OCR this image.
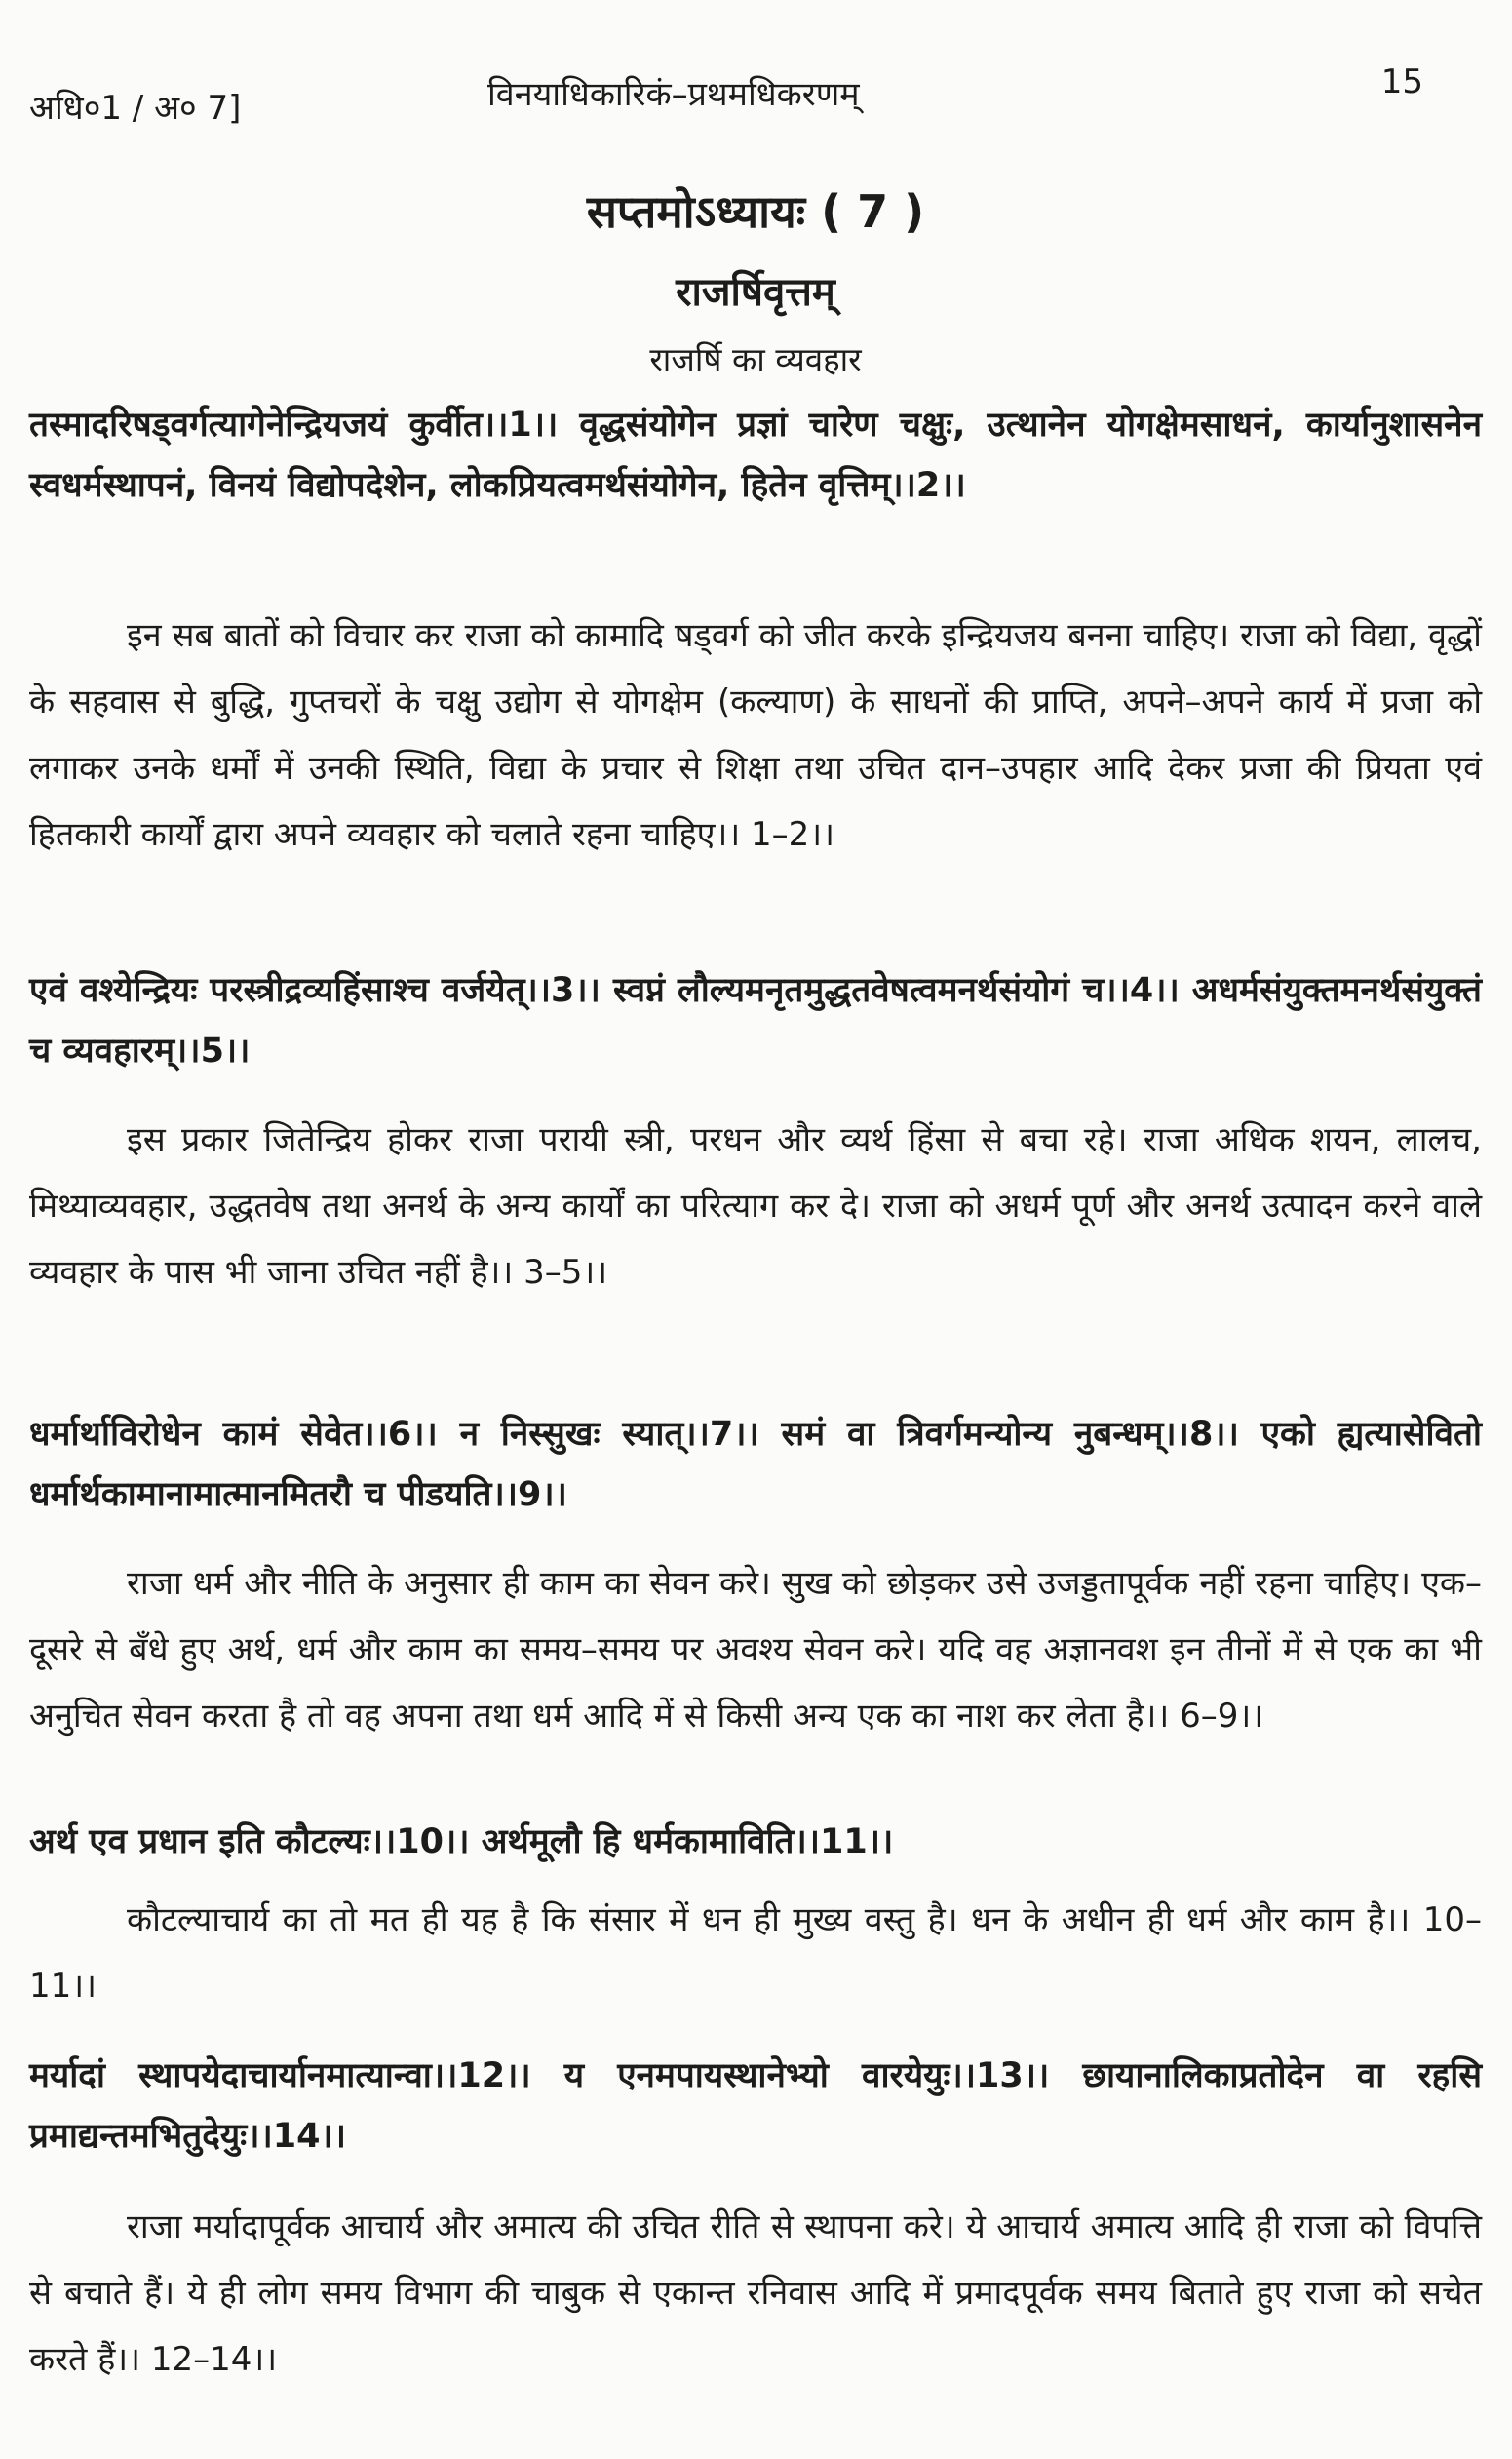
अधि०1 / अ० 7]	विनयाधिकारिकं–प्रथमधिकरणम्	15
सप्तमोऽध्यायः ( 7 )
राजर्षिवृत्तम्
राजर्षि का व्यवहार
तस्मादरिषड्वर्गत्यागेनेन्द्रियजयं कुर्वीत।।1।। वृद्धसंयोगेन प्रज्ञां चारेण चक्षुः, उत्थानेन योगक्षेमसाधनं, कार्यानुशासनेन स्वधर्मस्थापनं, विनयं विद्योपदेशेन, लोकप्रियत्वमर्थसंयोगेन, हितेन वृत्तिम्।।2।।
इन सब बातों को विचार कर राजा को कामादि षड्वर्ग को जीत करके इन्द्रियजय बनना चाहिए। राजा को विद्या, वृद्धों के सहवास से बुद्धि, गुप्तचरों के चक्षु उद्योग से योगक्षेम (कल्याण) के साधनों की प्राप्ति, अपने–अपने कार्य में प्रजा को लगाकर उनके धर्मों में उनकी स्थिति, विद्या के प्रचार से शिक्षा तथा उचित दान–उपहार आदि देकर प्रजा की प्रियता एवं हितकारी कार्यों द्वारा अपने व्यवहार को चलाते रहना चाहिए।। 1–2।।
एवं वश्येन्द्रियः परस्त्रीद्रव्यहिंसाश्च वर्जयेत्।।3।। स्वप्नं लौल्यमनृतमुद्धतवेषत्वमनर्थसंयोगं च।।4।। अधर्मसंयुक्तमनर्थसंयुक्तं च व्यवहारम्।।5।।
इस प्रकार जितेन्द्रिय होकर राजा परायी स्त्री, परधन और व्यर्थ हिंसा से बचा रहे। राजा अधिक शयन, लालच, मिथ्याव्यवहार, उद्धतवेष तथा अनर्थ के अन्य कार्यों का परित्याग कर दे। राजा को अधर्म पूर्ण और अनर्थ उत्पादन करने वाले व्यवहार के पास भी जाना उचित नहीं है।। 3–5।।
धर्मार्थाविरोधेन कामं सेवेत।।6।। न निस्सुखः स्यात्।।7।। समं वा त्रिवर्गमन्योन्य नुबन्धम्।।8।। एको ह्यत्यासेवितो धर्मार्थकामानामात्मानमितरौ च पीडयति।।9।।
राजा धर्म और नीति के अनुसार ही काम का सेवन करे। सुख को छोड़कर उसे उजड्डतापूर्वक नहीं रहना चाहिए। एक–दूसरे से बँधे हुए अर्थ, धर्म और काम का समय–समय पर अवश्य सेवन करे। यदि वह अज्ञानवश इन तीनों में से एक का भी अनुचित सेवन करता है तो वह अपना तथा धर्म आदि में से किसी अन्य एक का नाश कर लेता है।। 6–9।।
अर्थ एव प्रधान इति कौटल्यः।।10।। अर्थमूलौ हि धर्मकामाविति।।11।।
कौटल्याचार्य का तो मत ही यह है कि संसार में धन ही मुख्य वस्तु है। धन के अधीन ही धर्म और काम है।। 10–11।।
मर्यादां स्थापयेदाचार्यानमात्यान्वा।।12।। य एनमपायस्थानेभ्यो वारयेयुः।।13।। छायानालिकाप्रतोदेन वा रहसि प्रमाद्यन्तमभितुदेयुः।।14।।
राजा मर्यादापूर्वक आचार्य और अमात्य की उचित रीति से स्थापना करे। ये आचार्य अमात्य आदि ही राजा को विपत्ति से बचाते हैं। ये ही लोग समय विभाग की चाबुक से एकान्त रनिवास आदि में प्रमादपूर्वक समय बिताते हुए राजा को सचेत करते हैं।। 12–14।।
